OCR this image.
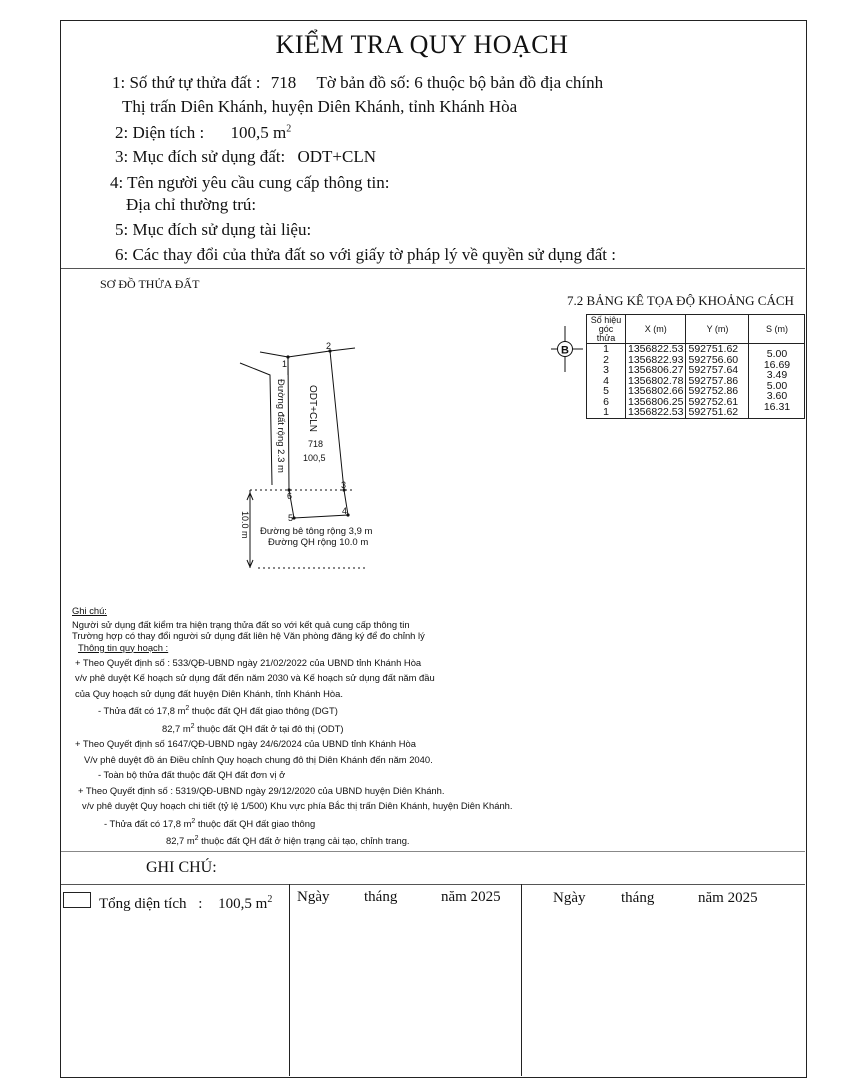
KIỂM TRA QUY HOẠCH
1: Số thứ tự thửa đất : 718 Tờ bản đồ số: 6 thuộc bộ bản đồ địa chính
Thị trấn Diên Khánh, huyện Diên Khánh, tỉnh Khánh Hòa
2: Diện tích : 100,5 $m^2$
3: Mục đích sử dụng đất: ODT+CLN
4: Tên người yêu cầu cung cấp thông tin:
Địa chỉ thường trú:
5: Mục đích sử dụng tài liệu:
6: Các thay đổi của thửa đất so với giấy tờ pháp lý về quyền sử dụng đất :
SƠ ĐỒ THỬA ĐẤT
7.2 BẢNG KÊ TỌA ĐỘ KHOẢNG CÁCH
1
2
3
4
5
6
718
100,5
ODT+CLN
Đường đất rộng 2.3 m
10.0 m Đường bê tông rộng 3,9 m
Đường QH rộng 10.0 m
B
Số hiệu góc thửa	X (m)	Y (m)	S (m)
1	1356822.53	592751.62	5.00
2	1356822.93	592756.60	16.69
3	1356806.27	592757.64	3.49
4	1356802.78	592757.86	5.00
5	1356802.66	592752.86	3.60
6	1356806.25	592752.61	16.31
1	1356822.53	592751.62	
Ghi chú:
Người sử dụng đất kiểm tra hiện trạng thửa đất so với kết quả cung cấp thông tin
Trường hợp có thay đổi người sử dụng đất liên hệ Văn phòng đăng ký để đo chỉnh lý
Thông tin quy hoạch :
+ Theo Quyết định số : 533/QĐ-UBND ngày 21/02/2022 của UBND tỉnh Khánh Hòa
v/v phê duyệt Kế hoạch sử dụng đất đến năm 2030 và Kế hoạch sử dụng đất năm đầu
của Quy hoạch sử dụng đất huyện Diên Khánh, tỉnh Khánh Hòa.
- Thửa đất có 17,8 $m^2$ thuộc đất QH đất giao thông (DGT)
82,7 $m^2$ thuộc đất QH đất ở tại đô thị (ODT)
+ Theo Quyết định số 1647/QĐ-UBND ngày 24/6/2024 của UBND tỉnh Khánh Hòa
V/v phê duyệt đồ án Điều chỉnh Quy hoạch chung đô thị Diên Khánh đến năm 2040.
- Toàn bộ thửa đất thuộc đất QH đất đơn vị ở
+ Theo Quyết định số : 5319/QĐ-UBND ngày 29/12/2020 của UBND huyện Diên Khánh.
v/v phê duyệt Quy hoạch chi tiết (tỷ lệ 1/500) Khu vực phía Bắc thị trấn Diên Khánh, huyện Diên Khánh.
- Thửa đất có 17,8 $m^2$ thuộc đất QH đất giao thông
82,7 $m^2$ thuộc đất QH đất ở hiện trạng cải tạo, chỉnh trang.
GHI CHÚ:
Tổng diện tích : 100,5 $m^2$ Ngày tháng	năm 2025	Ngày tháng	năm 2025
